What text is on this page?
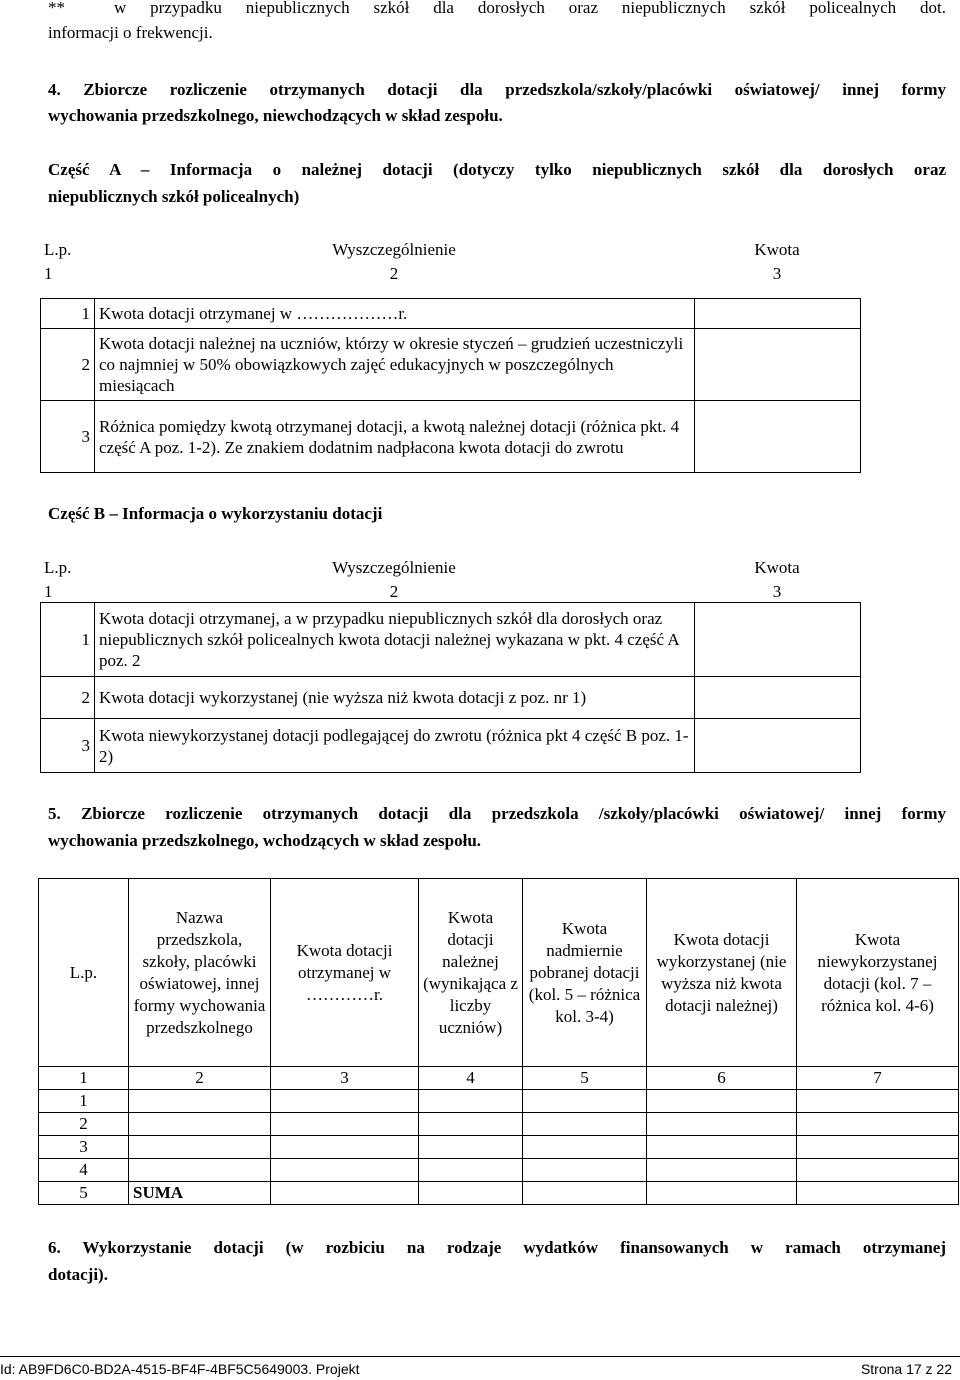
**	w przypadku niepublicznych szkół dla dorosłych oraz niepublicznych szkół policealnych dot.
informacji o frekwencji.
4. Zbiorcze rozliczenie otrzymanych dotacji dla przedszkola/szkoły/placówki oświatowej/ innej formy
wychowania przedszkolnego, niewchodzących w skład zespołu.
Część A – Informacja o należnej dotacji (dotyczy tylko niepublicznych szkół dla dorosłych oraz
niepublicznych szkół policealnych)
L.p.	Wyszczególnienie	Kwota
1	2	3
1	Kwota dotacji otrzymanej w ………………r.	
2	Kwota dotacji należnej na uczniów, którzy w okresie styczeń – grudzień uczestniczyli co najmniej w 50% obowiązkowych zajęć edukacyjnych w poszczególnych miesiącach	
3	Różnica pomiędzy kwotą otrzymanej dotacji, a kwotą należnej dotacji (różnica pkt. 4 część A poz. 1-2). Ze znakiem dodatnim nadpłacona kwota dotacji do zwrotu	
Część B – Informacja o wykorzystaniu dotacji
L.p.	Wyszczególnienie	Kwota
1	2	3
1	Kwota dotacji otrzymanej, a w przypadku niepublicznych szkół dla dorosłych oraz niepublicznych szkół policealnych kwota dotacji należnej wykazana w pkt. 4 część A poz. 2	
2	Kwota dotacji wykorzystanej (nie wyższa niż kwota dotacji z poz. nr 1)	
3	Kwota niewykorzystanej dotacji podlegającej do zwrotu (różnica pkt 4 część B poz. 1-2)	
5. Zbiorcze rozliczenie otrzymanych dotacji dla przedszkola /szkoły/placówki oświatowej/ innej formy
wychowania przedszkolnego, wchodzących w skład zespołu.
L.p.	Nazwa przedszkola, szkoły, placówki oświatowej, innej formy wychowania przedszkolnego	Kwota dotacji otrzymanej w …………r.	Kwota dotacji należnej (wynikająca z liczby uczniów)	Kwota nadmiernie pobranej dotacji (kol. 5 – różnica kol. 3-4)	Kwota dotacji wykorzystanej (nie wyższa niż kwota dotacji należnej)	Kwota niewykorzystanej dotacji (kol. 7 – różnica kol. 4-6)
1	2	3	4	5	6	7
1						
2						
3						
4						
5	SUMA					
6. Wykorzystanie dotacji (w rozbiciu na rodzaje wydatków finansowanych w ramach otrzymanej
dotacji).
Id: AB9FD6C0-BD2A-4515-BF4F-4BF5C5649003. Projekt	Strona 17 z 22
